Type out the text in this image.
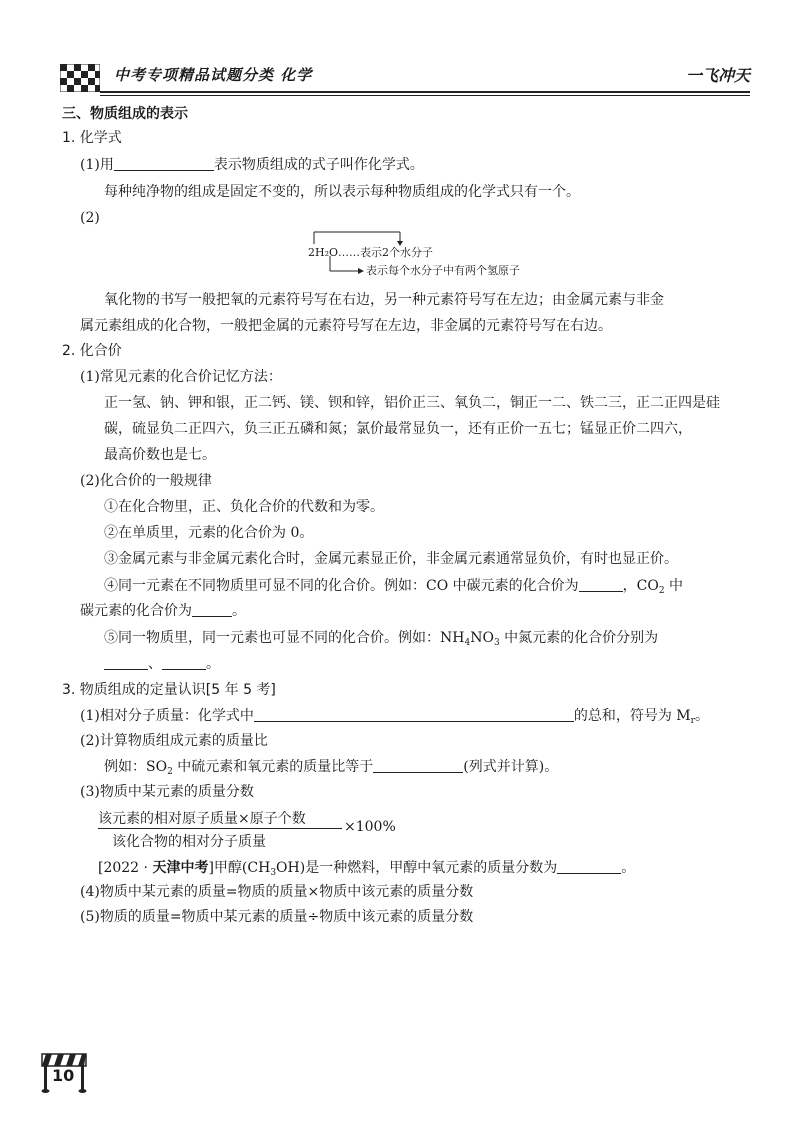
中考专项精品试题分类 化学	一飞冲天
三、物质组成的表示
1. 化学式
(1)用	表示物质组成的式子叫作化学式。
每种纯净物的组成是固定不变的，所以表示每种物质组成的化学式只有一个。
(2)
2H₂O……表示2个水分子
表示每个水分子中有两个氢原子
氧化物的书写一般把氧的元素符号写在右边，另一种元素符号写在左边；由金属元素与非金
属元素组成的化合物，一般把金属的元素符号写在左边，非金属的元素符号写在右边。
2. 化合价
(1)常见元素的化合价记忆方法：
正一氢、钠、钾和银，正二钙、镁、钡和锌，铝价正三、氧负二，铜正一二、铁二三，正二正四是硅
碳，硫显负二正四六，负三正五磷和氮；氯价最常显负一，还有正价一五七；锰显正价二四六，
最高价数也是七。
(2)化合价的一般规律
①在化合物里，正、负化合价的代数和为零。
②在单质里，元素的化合价为 0。
③金属元素与非金属元素化合时，金属元素显正价，非金属元素通常显负价，有时也显正价。
④同一元素在不同物质里可显不同的化合价。例如：CO 中碳元素的化合价为	，$CO_2$ 中
碳元素的化合价为	。
⑤同一物质里，同一元素也可显不同的化合价。例如：$NH_4NO_3$ 中氮元素的化合价分别为
、	。
3. 物质组成的定量认识[5 年 5 考]
(1)相对分子质量：化学式中	的总和，符号为 $M_r$。
(2)计算物质组成元素的质量比
例如：$SO_2$ 中硫元素和氧元素的质量比等于	(列式并计算)。
(3)物质中某元素的质量分数
该元素的相对原子质量×原子个数
该化合物的相对分子质量
×100%
[2022 · 天津中考]甲醇$(CH_3OH)$是一种燃料，甲醇中氧元素的质量分数为	。
(4)物质中某元素的质量=物质的质量×物质中该元素的质量分数
(5)物质的质量=物质中某元素的质量÷物质中该元素的质量分数
10
